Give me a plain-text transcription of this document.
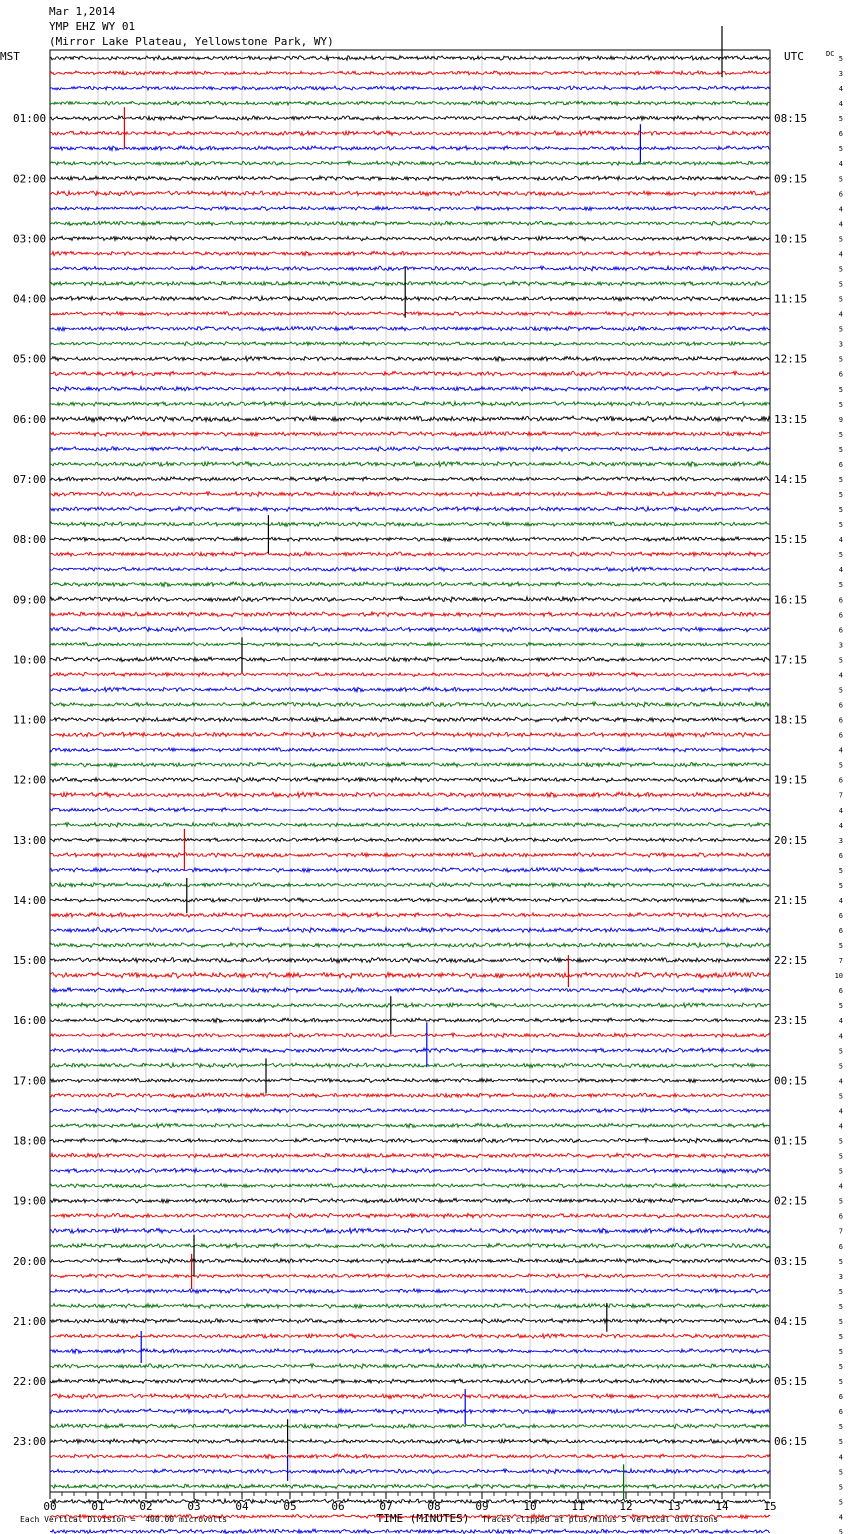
Mar 1,2014
YMP EHZ WY 01
(Mirror Lake Plateau, Yellowstone Park, WY)
00	01	02	03	04	05	06	07	08	09	10	11	12	13	14	15
01:00	08:15
02:00	09:15
03:00	10:15
04:00	11:15
05:00	12:15
06:00	13:15
07:00	14:15
08:00	15:15
09:00	16:15
10:00	17:15
11:00	18:15
12:00	19:15
13:00	20:15
14:00	21:15
15:00	22:15
16:00	23:15
17:00	00:15
18:00	01:15
19:00	02:15
20:00	03:15
21:00	04:15
22:00	05:15
23:00	06:15
5
3
4
4
5
6
5
4
5
6
4
4
5
4
5
5
5
4
5
3
5
6
5
5
9
5
5
6
5
5
5
5
4
5
4
5
6
6
6
3
5
4
5
6
6
6
4
5
6
7
4
4
3
6
5
5
4
6
6
5
7
10
6
5
4
4
5
5
4
5
4
4
5
5
5
4
5
6
7
6
5
3
5
5
5
5
5
5
5
6
6
5
5
4
5
5
5
4
5
MST	UTC	DC
TIME (MINUTES)
Each Vertical Division =  400.00 microvolts	Traces clipped at plus/minus 5 vertical divisions
